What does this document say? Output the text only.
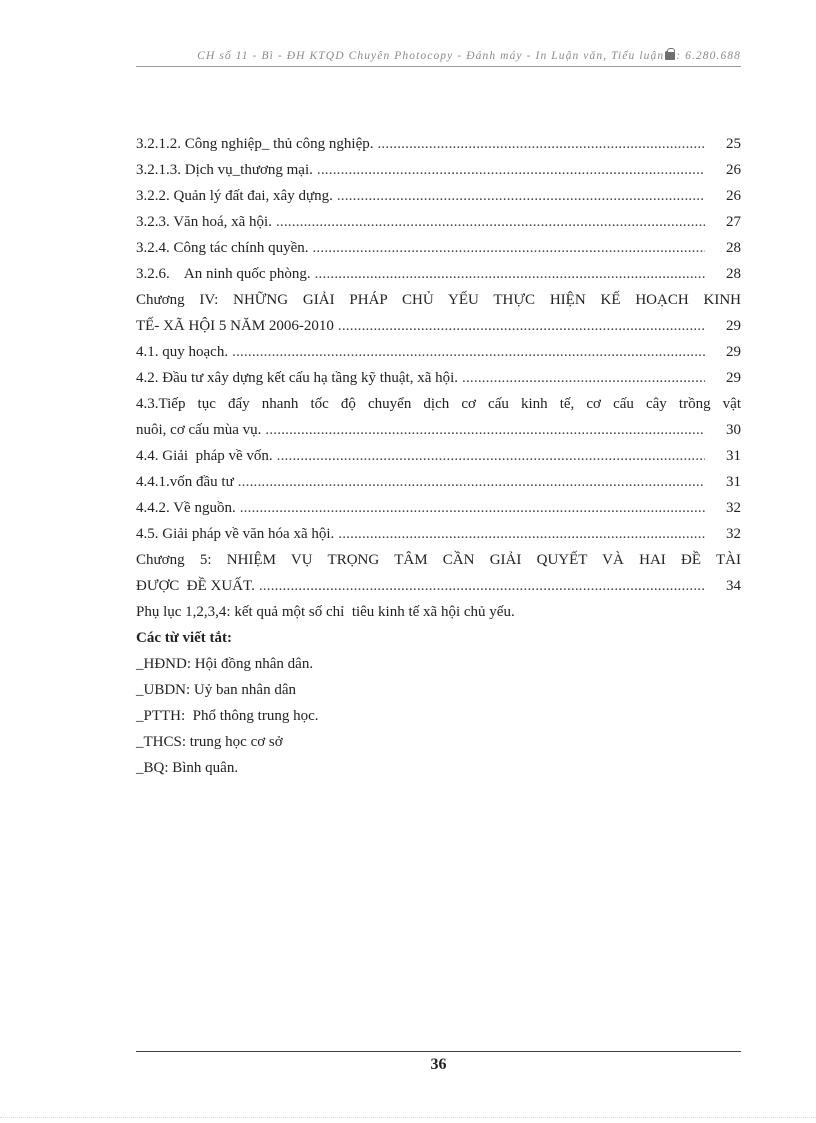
CH số 11 - Bì - ĐH KTQD Chuyên Photocopy - Đánh máy - In Luận văn, Tiểu luận : 6.280.688
3.2.1.2. Công nghiệp_ thủ công nghiệp. .....	25
3.2.1.3. Dịch vụ_thương mại. .....	26
3.2.2. Quản lý đất đai, xây dựng. .....	26
3.2.3. Văn hoá, xã hội. .....	27
3.2.4. Công tác chính quyền. .....	28
3.2.6.    An ninh quốc phòng. .....	28
Chương IV: NHỮNG GIẢI PHÁP CHỦ YẾU THỰC HIỆN KẾ HOẠCH KINH
TẾ- XÃ HỘI 5 NĂM 2006-2010 .....	29
4.1. quy hoạch. .....	29
4.2. Đầu tư xây dựng kết cấu hạ tầng kỹ thuật, xã hội. .....	29
4.3.Tiếp tục đẩy nhanh tốc độ chuyển dịch cơ cấu kinh tế, cơ cấu cây trồng vật
nuôi, cơ cấu mùa vụ. .....	30
4.4. Giải  pháp về vốn. .....	31
4.4.1.vốn đầu tư .....	31
4.4.2. Về nguồn. .....	32
4.5. Giải pháp về văn hóa xã hội. .....	32
Chương 5: NHIỆM VỤ TRỌNG TÂM CẦN GIẢI QUYẾT VÀ HAI ĐỀ TÀI
ĐƯỢC  ĐỀ XUẤT. .....	34
Phụ lục 1,2,3,4: kết quả một số chỉ  tiêu kinh tế xã hội chủ yếu.
Các từ viết tắt:
_HĐND: Hội đồng nhân dân.
_UBDN: Uỷ ban nhân dân
_PTTH:  Phổ thông trung học.
_THCS: trung học cơ sở
_BQ: Bình quân.
36
